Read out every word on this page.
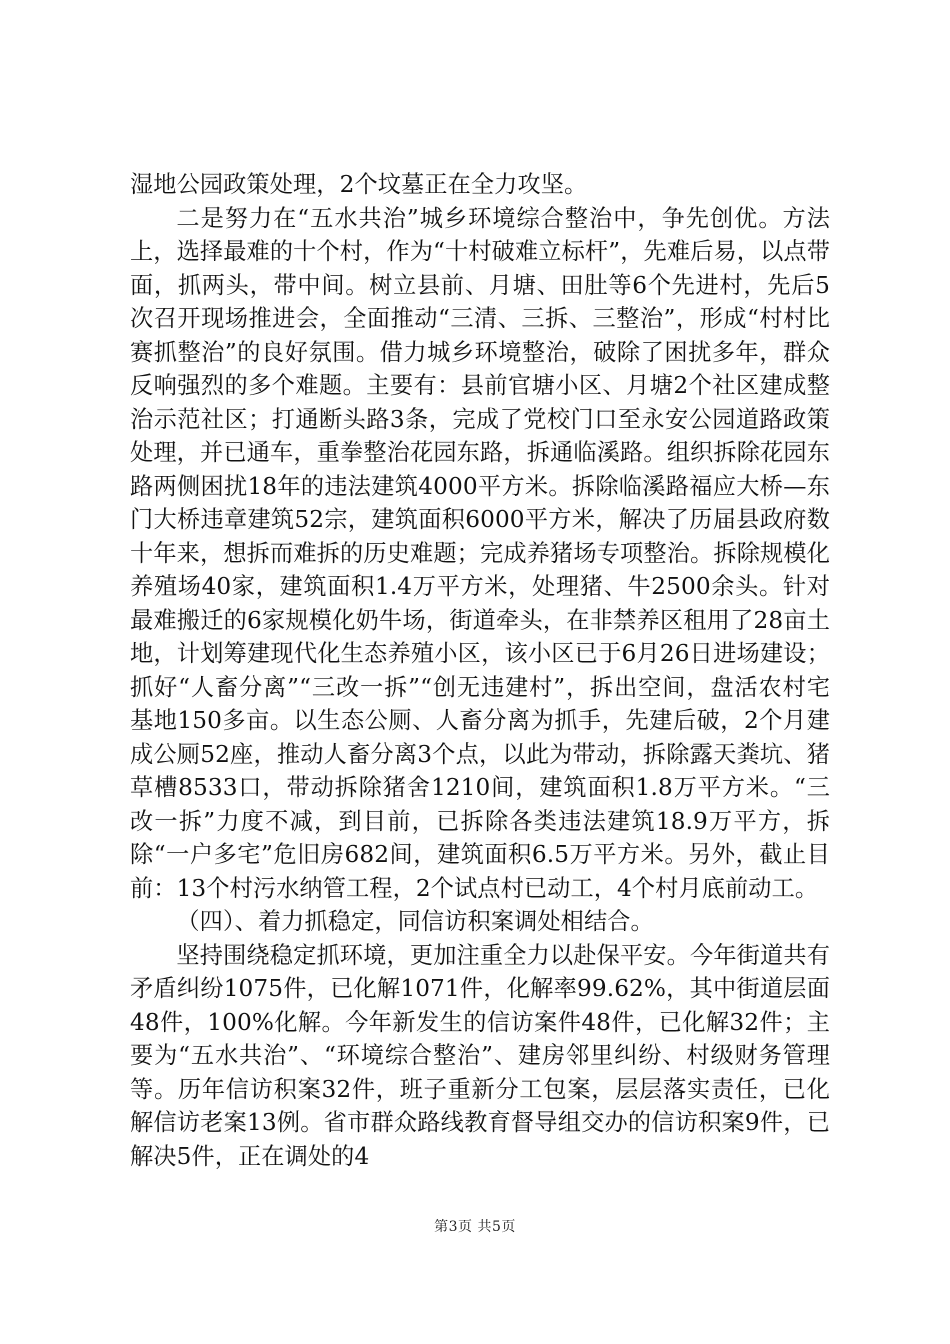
湿地公园政策处理，2个坟墓正在全力攻坚。

二是努力在“五水共治”城乡环境综合整治中，争先创优。方法上，选择最难的十个村，作为“十村破难立标杆”，先难后易，以点带面，抓两头，带中间。树立县前、月塘、田肚等6个先进村，先后5次召开现场推进会，全面推动“三清、三拆、三整治”，形成“村村比赛抓整治”的良好氛围。借力城乡环境整治，破除了困扰多年，群众反响强烈的多个难题。主要有：县前官塘小区、月塘2个社区建成整治示范社区；打通断头路3条，完成了党校门口至永安公园道路政策处理，并已通车，重拳整治花园东路，拆通临溪路。组织拆除花园东路两侧困扰18年的违法建筑4000平方米。拆除临溪路福应大桥—东门大桥违章建筑52宗，建筑面积6000平方米，解决了历届县政府数十年来，想拆而难拆的历史难题；完成养猪场专项整治。拆除规模化养殖场40家，建筑面积1.4万平方米，处理猪、牛2500余头。针对最难搬迁的6家规模化奶牛场，街道牵头，在非禁养区租用了28亩土地，计划筹建现代化生态养殖小区，该小区已于6月26日进场建设；抓好“人畜分离”“三改一拆”“创无违建村”，拆出空间，盘活农村宅基地150多亩。以生态公厕、人畜分离为抓手，先建后破，2个月建成公厕52座，推动人畜分离3个点，以此为带动，拆除露天粪坑、猪草槽8533口，带动拆除猪舍1210间，建筑面积1.8万平方米。“三改一拆”力度不减，到目前，已拆除各类违法建筑18.9万平方，拆除“一户多宅”危旧房682间，建筑面积6.5万平方米。另外，截止目前：13个村污水纳管工程，2个试点村已动工，4个村月底前动工。

（四）、着力抓稳定，同信访积案调处相结合。

坚持围绕稳定抓环境，更加注重全力以赴保平安。今年街道共有矛盾纠纷1075件，已化解1071件，化解率99.62%，其中街道层面48件，100%化解。今年新发生的信访案件48件，已化解32件；主要为“五水共治”、“环境综合整治”、建房邻里纠纷、村级财务管理等。历年信访积案32件，班子重新分工包案，层层落实责任，已化解信访老案13例。省市群众路线教育督导组交办的信访积案9件，已解决5件，正在调处的4

第3页 共5页
